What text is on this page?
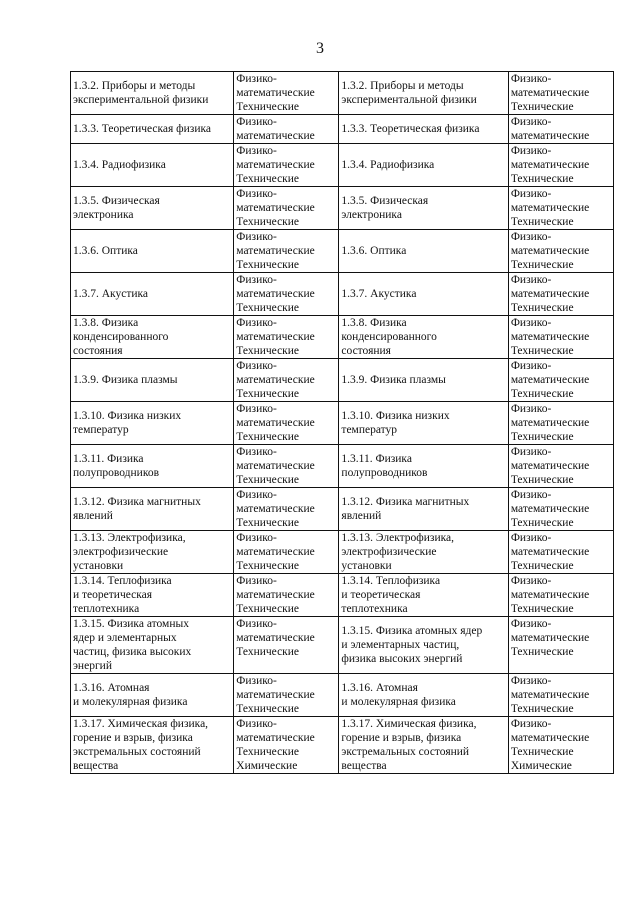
3
1.3.2. Приборы и методы
экспериментальной физики	Физико-
математические
Технические	1.3.2. Приборы и методы
экспериментальной физики	Физико-
математические
Технические
1.3.3. Теоретическая физика	Физико-
математические	1.3.3. Теоретическая физика	Физико-
математические
1.3.4. Радиофизика	Физико-
математические
Технические	1.3.4. Радиофизика	Физико-
математические
Технические
1.3.5. Физическая
электроника	Физико-
математические
Технические	1.3.5. Физическая
электроника	Физико-
математические
Технические
1.3.6. Оптика	Физико-
математические
Технические	1.3.6. Оптика	Физико-
математические
Технические
1.3.7. Акустика	Физико-
математические
Технические	1.3.7. Акустика	Физико-
математические
Технические
1.3.8. Физика
конденсированного
состояния	Физико-
математические
Технические	1.3.8. Физика
конденсированного
состояния	Физико-
математические
Технические
1.3.9. Физика плазмы	Физико-
математические
Технические	1.3.9. Физика плазмы	Физико-
математические
Технические
1.3.10. Физика низких
температур	Физико-
математические
Технические	1.3.10. Физика низких
температур	Физико-
математические
Технические
1.3.11. Физика
полупроводников	Физико-
математические
Технические	1.3.11. Физика
полупроводников	Физико-
математические
Технические
1.3.12. Физика магнитных
явлений	Физико-
математические
Технические	1.3.12. Физика магнитных
явлений	Физико-
математические
Технические
1.3.13. Электрофизика,
электрофизические
установки	Физико-
математические
Технические	1.3.13. Электрофизика,
электрофизические
установки	Физико-
математические
Технические
1.3.14. Теплофизика
и теоретическая
теплотехника	Физико-
математические
Технические	1.3.14. Теплофизика
и теоретическая
теплотехника	Физико-
математические
Технические
1.3.15. Физика атомных
ядер и элементарных
частиц, физика высоких
энергий	Физико-
математические
Технические	1.3.15. Физика атомных ядер
и элементарных частиц,
физика высоких энергий	Физико-
математические
Технические
1.3.16. Атомная
и молекулярная физика	Физико-
математические
Технические	1.3.16. Атомная
и молекулярная физика	Физико-
математические
Технические
1.3.17. Химическая физика,
горение и взрыв, физика
экстремальных состояний
вещества	Физико-
математические
Технические
Химические	1.3.17. Химическая физика,
горение и взрыв, физика
экстремальных состояний
вещества	Физико-
математические
Технические
Химические
